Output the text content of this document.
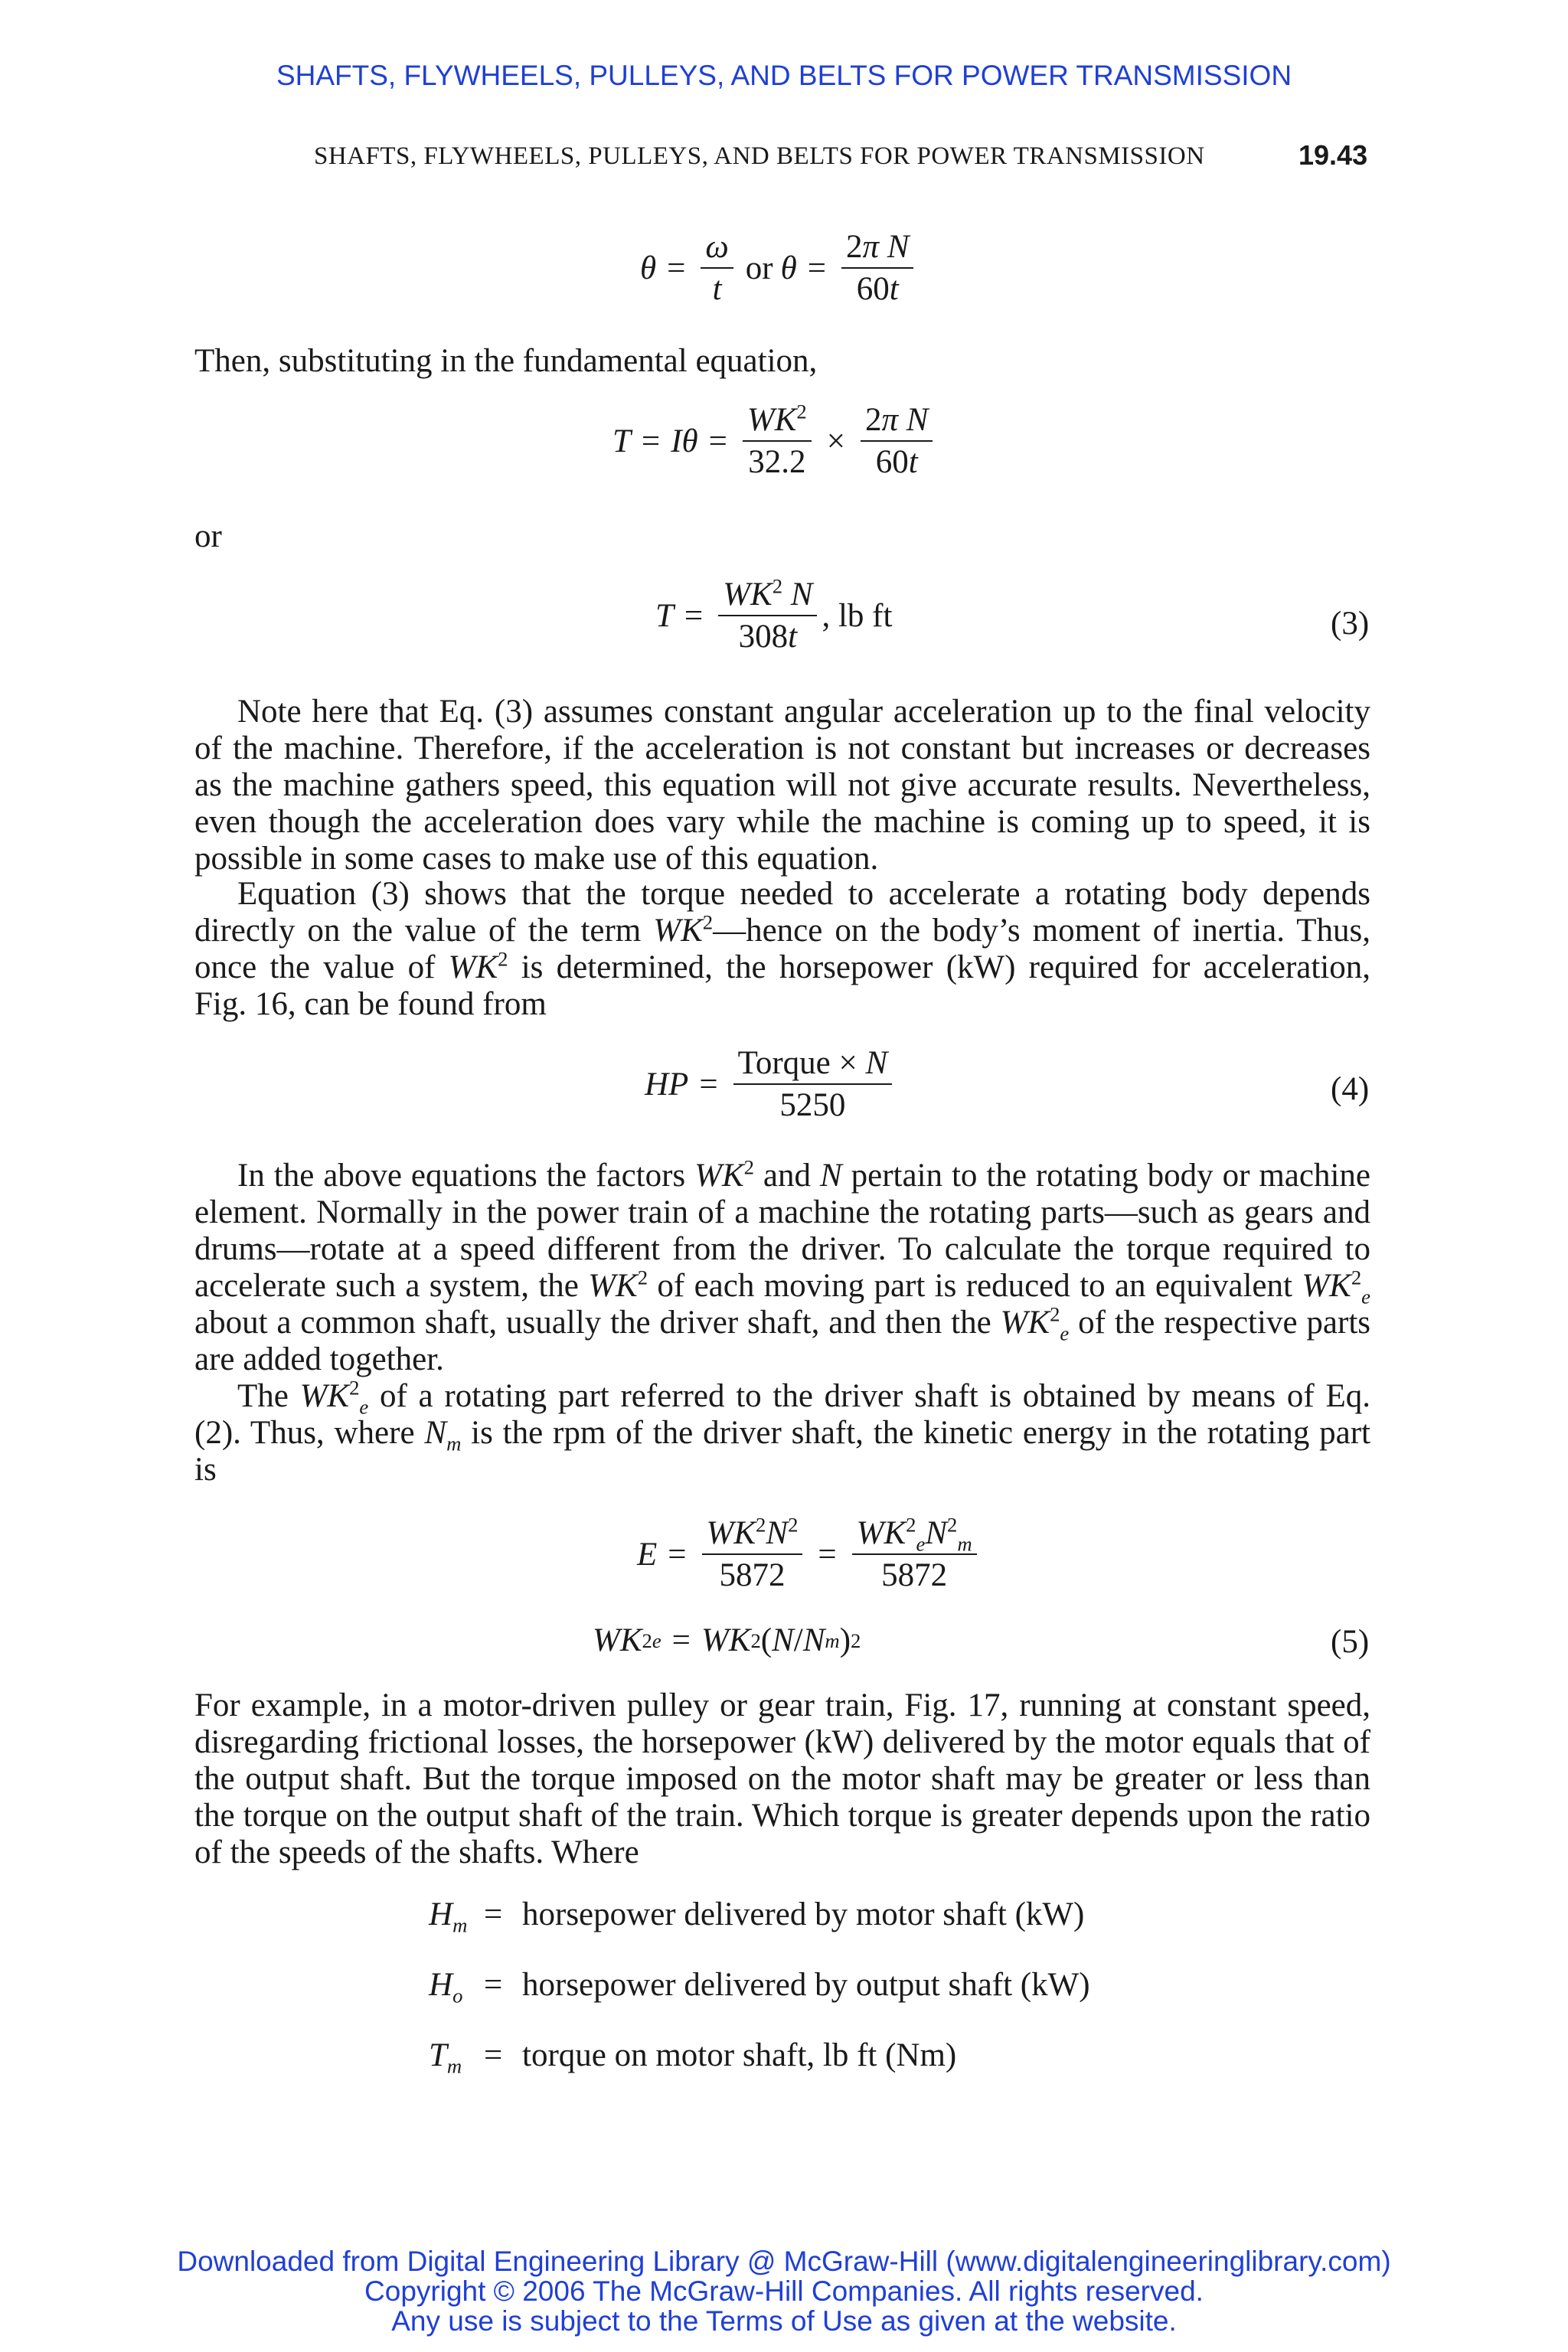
SHAFTS, FLYWHEELS, PULLEYS, AND BELTS FOR POWER TRANSMISSION
SHAFTS, FLYWHEELS, PULLEYS, AND BELTS FOR POWER TRANSMISSION	19.43
$\theta = \frac{\omega}{t}$ or $\theta = \frac{\text{2π N}}{60t}$

Then, substituting in the fundamental equation,

$T = I\theta = \frac{WK^2}{32.2} \times \frac{\text{2π N}}{60t}$
or
$T = \frac{WK^2 N}{308t}$ , lb ft	(3)

Note here that Eq. (3) assumes constant angular acceleration up to the final velocity of the machine. Therefore, if the acceleration is not constant but increases or decreases as the machine gathers speed, this equation will not give accurate results. Nevertheless, even though the acceleration does vary while the machine is coming up to speed, it is possible in some cases to make use of this equation.

Equation (3) shows that the torque needed to accelerate a rotating body depends directly on the value of the term $WK^2—hence$ on the body’s moment of inertia. Thus, once the value of $WK^2$ is determined, the horsepower (kW) required for acceleration, Fig. 16, can be found from

HP = $\frac{\text{Torque × N}}{5250}$	(4)

In the above equations the factors $WK^2$ and N pertain to the rotating body or machine element. Normally in the power train of a machine the rotating parts—such as gears and drums—rotate at a speed different from the driver. To calculate the torque required to accelerate such a system, the $WK^2$ of each moving part is reduced to an equivalent $WK^2_e$ about a common shaft, usually the driver shaft, and then the $WK^2_e$ of the respective parts are added together.

The $WK^2_e$ of a rotating part referred to the driver shaft is obtained by means of Eq. (2). Thus, where $N_m$ is the rpm of the driver shaft, the kinetic energy in the rotating part is

$E = \frac{WK^2N^2}{5872} = \frac{WK^2_eN^2_m}{5872}$
WK 2 e = WK 2 ( N / N m ) 2	(5)

For example, in a motor-driven pulley or gear train, Fig. 17, running at constant speed, disregarding frictional losses, the horsepower (kW) delivered by the motor equals that of the output shaft. But the torque imposed on the motor shaft may be greater or less than the torque on the output shaft of the train. Which torque is greater depends upon the ratio of the speeds of the shafts. Where

$H_m$ = horsepower delivered by motor shaft (kW)
$H_o$ = horsepower delivered by output shaft (kW)
$T_m$ = torque on motor shaft, lb ft (Nm)
Downloaded from Digital Engineering Library @ McGraw-Hill (www.digitalengineeringlibrary.com)
Copyright © 2006 The McGraw-Hill Companies. All rights reserved.
Any use is subject to the Terms of Use as given at the website.
